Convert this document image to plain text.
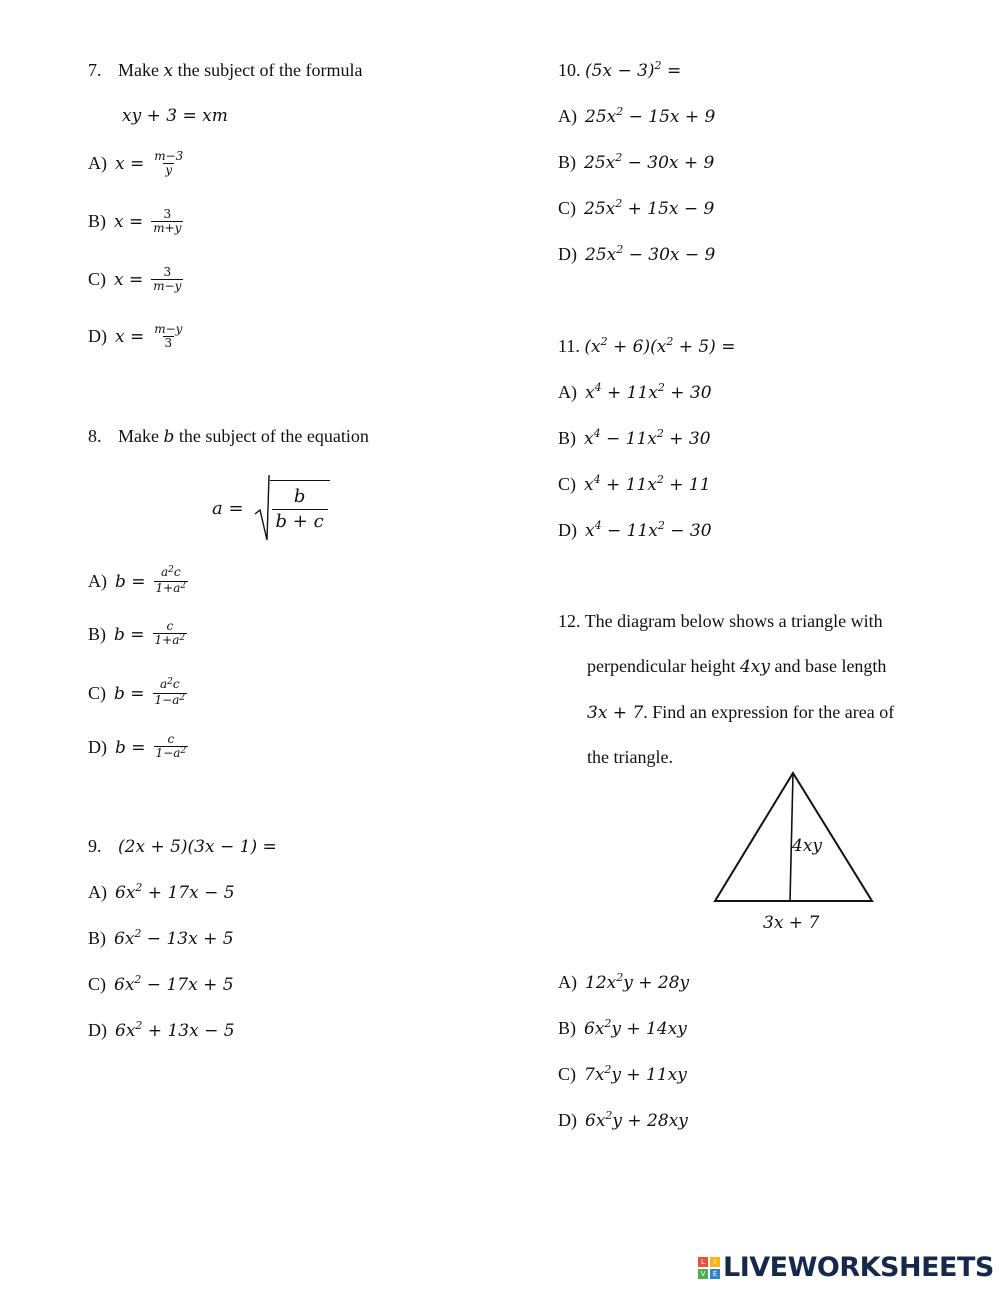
7. Make x the subject of the formula
xy + 3 = xm
A) $x = \frac{m-3}{y}$
B) $x = \frac{3}{m+y}$
C) $x = \frac{3}{m-y}$
D) $x = \frac{m-y}{3}$
8. Make b the subject of the equation
$a = \frac{b}{b + c}$
A) $b = \frac{a^2c}{1+a^2}$
B) $b = \frac{c}{1+a^2}$
C) $b = \frac{a^2c}{1-a^2}$
D) $b = \frac{c}{1-a^2}$
9. (2x + 5)(3x − 1) =
A) $6x^2 + 17x - 5$
B) $6x^2 - 13x + 5$
C) $6x^2 - 17x + 5$
D) $6x^2 + 13x - 5$
10. $(5x - 3)^2$ =
A) $25x^2 - 15x + 9$
B) $25x^2 - 30x + 9$
C) $25x^2 + 15x - 9$
D) $25x^2 - 30x - 9$
11. $(x^2 + 6)(x^2 + 5)$ =
A) $x^4 + 11x^2 + 30$
B) $x^4 - 11x^2 + 30$
C) $x^4 + 11x^2 + 11$
D) $x^4 - 11x^2 - 30$
12. The diagram below shows a triangle with
perpendicular height 4xy and base length
3x + 7. Find an expression for the area of
the triangle.
4xy
3x + 7
A) $12x^2y + 28y$
B) $6x^2y + 14xy$
C) $7x^2y + 11xy$
D) $6x^2y + 28xy$
L	I
V	E LIVEWORKSHEETS
